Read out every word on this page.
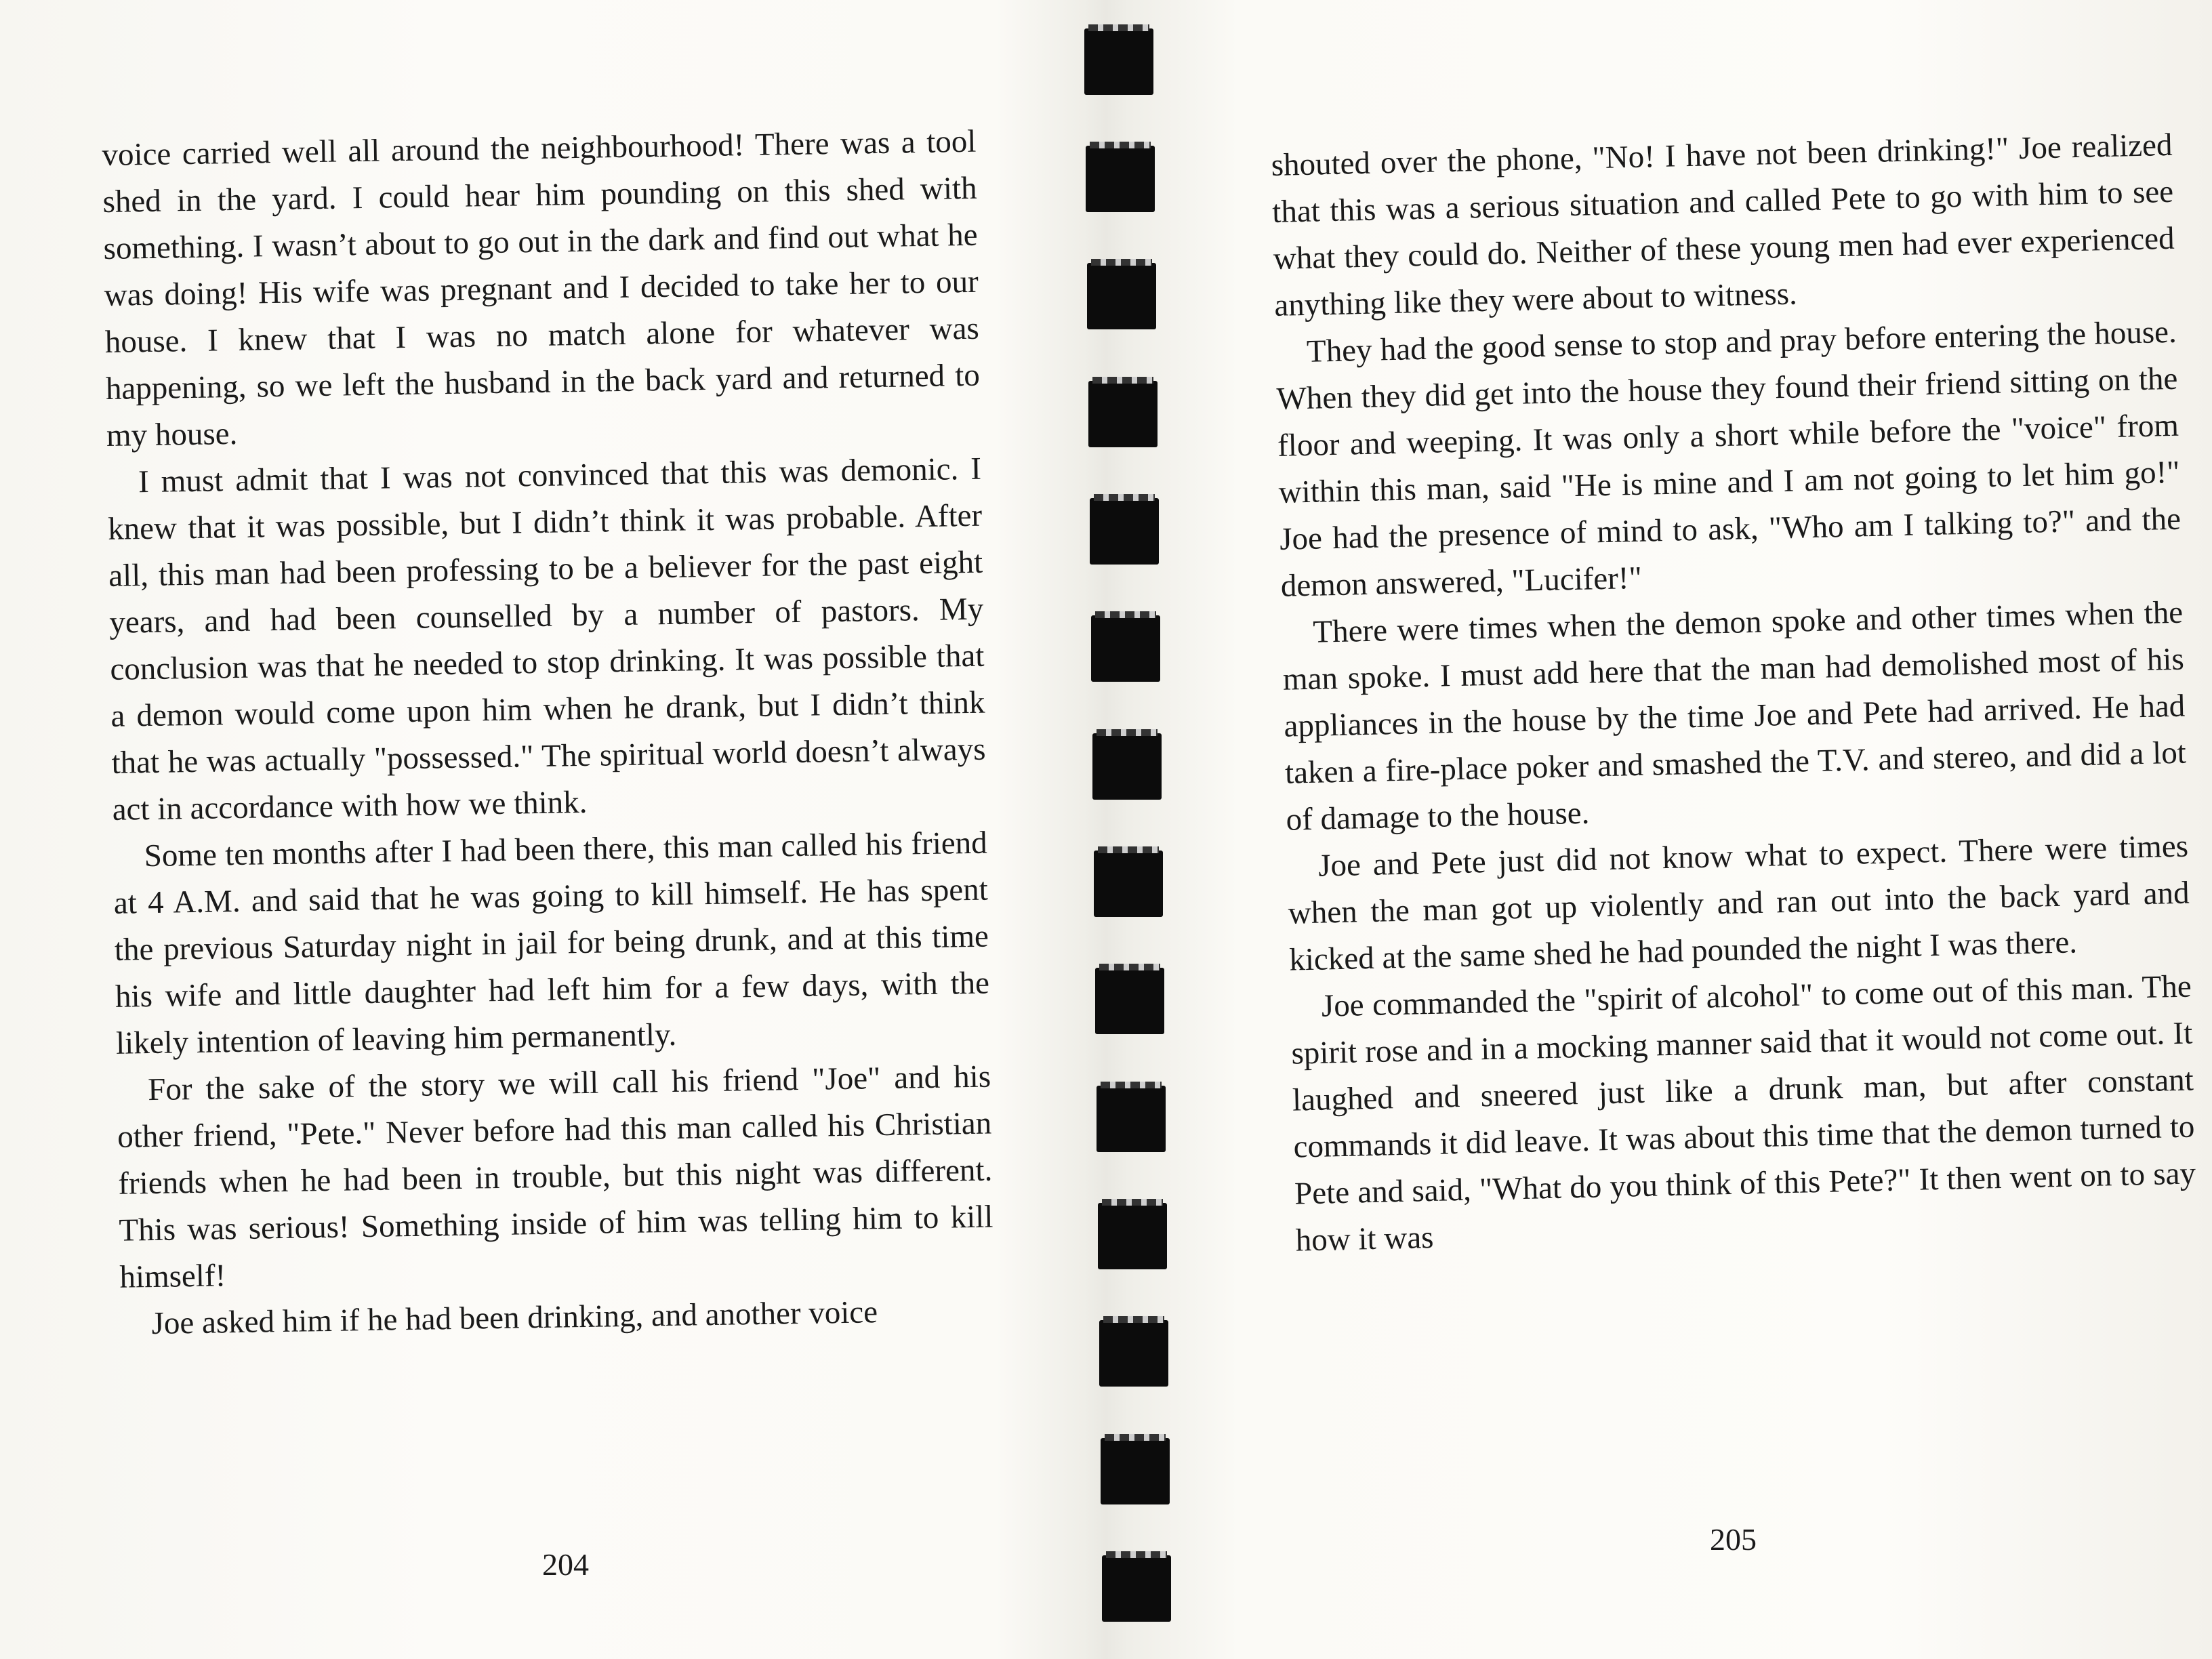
voice carried well all around the neighbourhood! There was a tool shed in the yard. I could hear him pounding on this shed with something. I wasn’t about to go out in the dark and find out what he was doing! His wife was pregnant and I decided to take her to our house. I knew that I was no match alone for whatever was happening, so we left the husband in the back yard and returned to my house.

I must admit that I was not convinced that this was demonic. I knew that it was possible, but I didn’t think it was probable. After all, this man had been professing to be a believer for the past eight years, and had been counselled by a number of pastors. My conclusion was that he needed to stop drinking. It was possible that a demon would come upon him when he drank, but I didn’t think that he was actually "possessed." The spiritual world doesn’t always act in accordance with how we think.

Some ten months after I had been there, this man called his friend at 4 A.M. and said that he was going to kill himself. He has spent the previous Saturday night in jail for being drunk, and at this time his wife and little daughter had left him for a few days, with the likely intention of leaving him permanently.

For the sake of the story we will call his friend "Joe" and his other friend, "Pete." Never before had this man called his Christian friends when he had been in trouble, but this night was different. This was serious! Something inside of him was telling him to kill himself!

Joe asked him if he had been drinking, and another voice

204

shouted over the phone, "No! I have not been drinking!" Joe realized that this was a serious situation and called Pete to go with him to see what they could do. Neither of these young men had ever experienced anything like they were about to witness.

They had the good sense to stop and pray before entering the house. When they did get into the house they found their friend sitting on the floor and weeping. It was only a short while before the "voice" from within this man, said "He is mine and I am not going to let him go!" Joe had the presence of mind to ask, "Who am I talking to?" and the demon answered, "Lucifer!"

There were times when the demon spoke and other times when the man spoke. I must add here that the man had demolished most of his appliances in the house by the time Joe and Pete had arrived. He had taken a fire-place poker and smashed the T.V. and stereo, and did a lot of damage to the house.

Joe and Pete just did not know what to expect. There were times when the man got up violently and ran out into the back yard and kicked at the same shed he had pounded the night I was there.

Joe commanded the "spirit of alcohol" to come out of this man. The spirit rose and in a mocking manner said that it would not come out. It laughed and sneered just like a drunk man, but after constant commands it did leave. It was about this time that the demon turned to Pete and said, "What do you think of this Pete?" It then went on to say how it was

205
